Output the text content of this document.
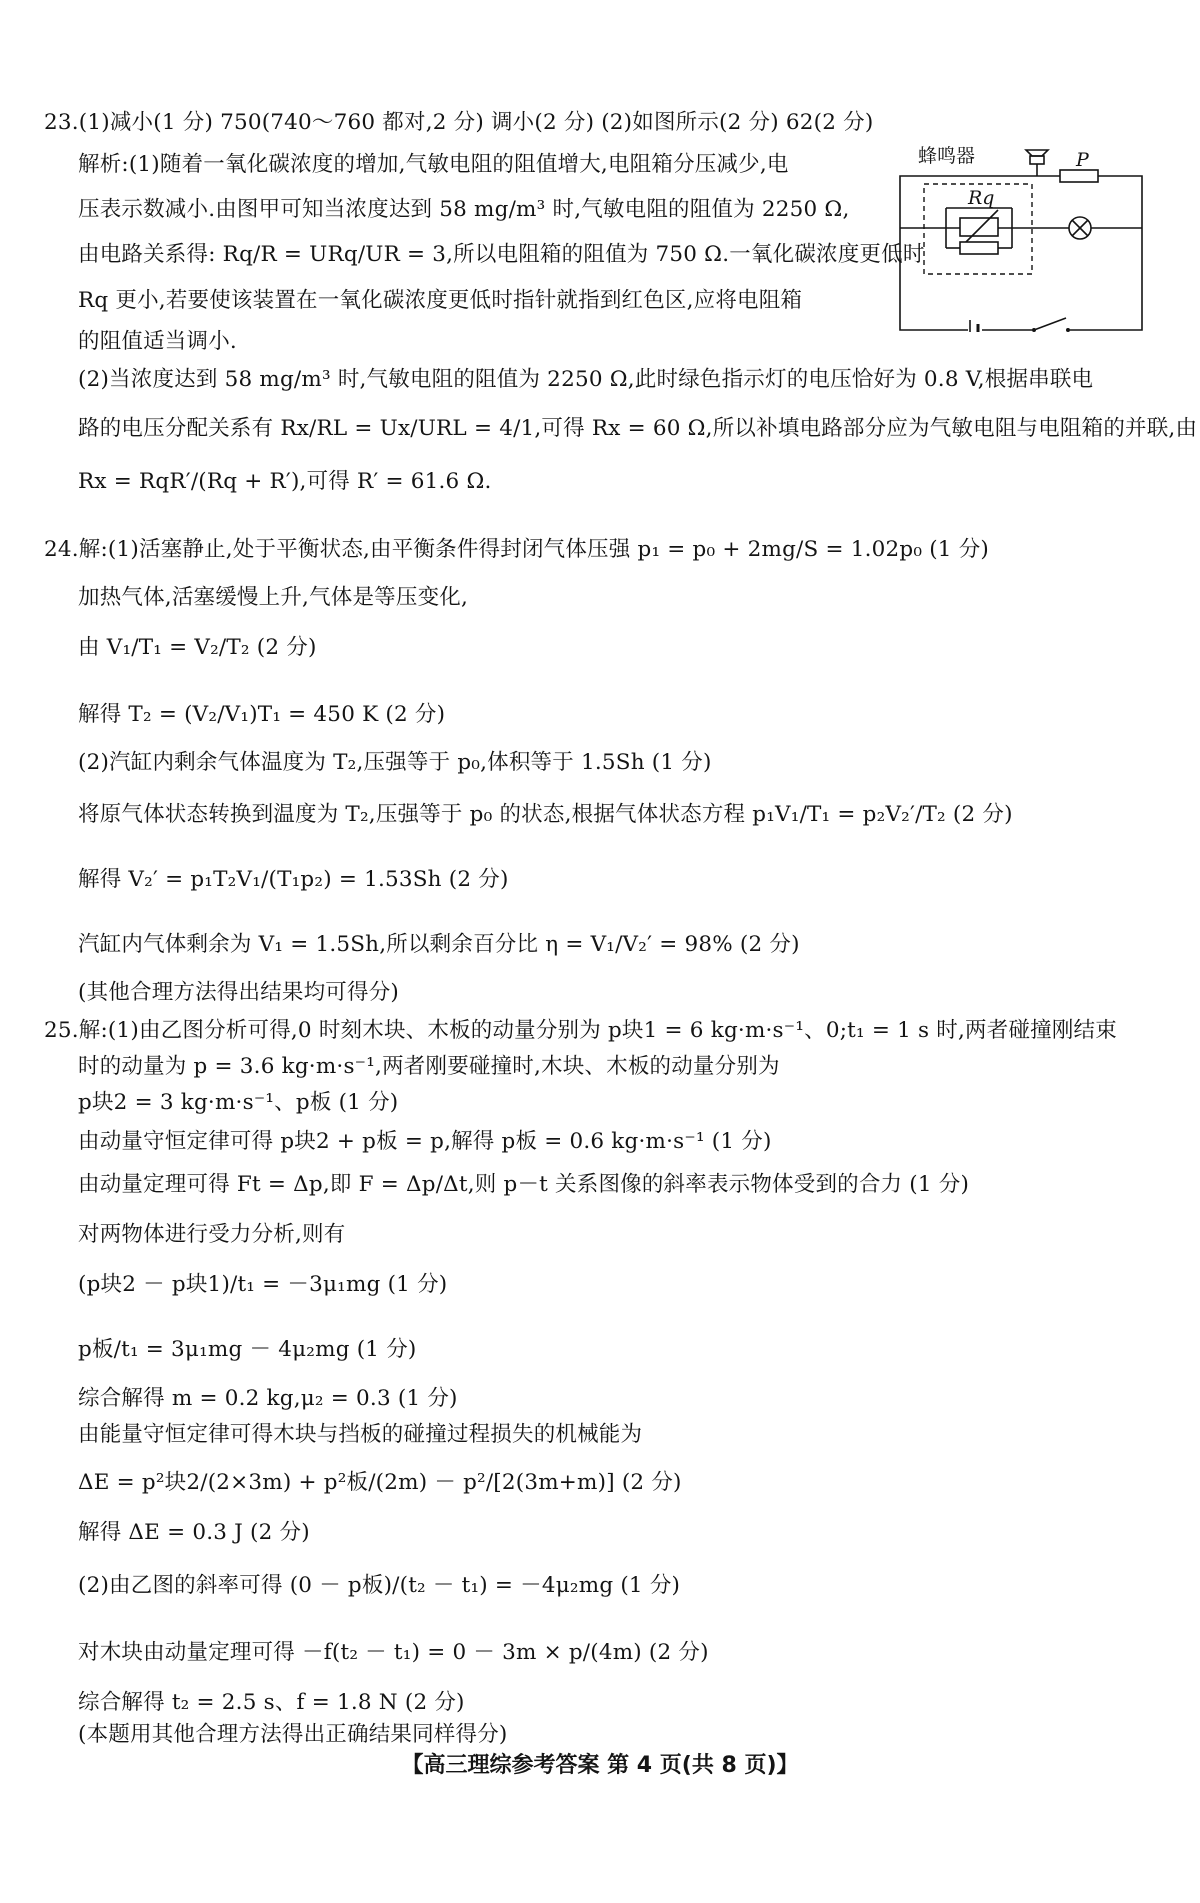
23.(1)减小(1 分) 750(740～760 都对,2 分) 调小(2 分) (2)如图所示(2 分) 62(2 分)
解析:(1)随着一氧化碳浓度的增加,气敏电阻的阻值增大,电阻箱分压减少,电
压表示数减小.由图甲可知当浓度达到 58 mg/m³ 时,气敏电阻的阻值为 2250 Ω,
由电路关系得: Rq/R = URq/UR = 3,所以电阻箱的阻值为 750 Ω.一氧化碳浓度更低时
Rq 更小,若要使该装置在一氧化碳浓度更低时指针就指到红色区,应将电阻箱
的阻值适当调小.
(2)当浓度达到 58 mg/m³ 时,气敏电阻的阻值为 2250 Ω,此时绿色指示灯的电压恰好为 0.8 V,根据串联电
路的电压分配关系有 Rx/RL = Ux/URL = 4/1,可得 Rx = 60 Ω,所以补填电路部分应为气敏电阻与电阻箱的并联,由
Rx = RqR′/(Rq + R′),可得 R′ = 61.6 Ω.
蜂鸣器	P
Rq
24.解:(1)活塞静止,处于平衡状态,由平衡条件得封闭气体压强 p₁ = p₀ + 2mg/S = 1.02p₀ (1 分)
加热气体,活塞缓慢上升,气体是等压变化,
由 V₁/T₁ = V₂/T₂ (2 分)
解得 T₂ = (V₂/V₁)T₁ = 450 K (2 分)
(2)汽缸内剩余气体温度为 T₂,压强等于 p₀,体积等于 1.5Sh (1 分)
将原气体状态转换到温度为 T₂,压强等于 p₀ 的状态,根据气体状态方程 p₁V₁/T₁ = p₂V₂′/T₂ (2 分)
解得 V₂′ = p₁T₂V₁/(T₁p₂) = 1.53Sh (2 分)
汽缸内气体剩余为 V₁ = 1.5Sh,所以剩余百分比 η = V₁/V₂′ = 98% (2 分)
(其他合理方法得出结果均可得分)
25.解:(1)由乙图分析可得,0 时刻木块、木板的动量分别为 p块1 = 6 kg·m·s⁻¹、0;t₁ = 1 s 时,两者碰撞刚结束
时的动量为 p = 3.6 kg·m·s⁻¹,两者刚要碰撞时,木块、木板的动量分别为
p块2 = 3 kg·m·s⁻¹、p板 (1 分)
由动量守恒定律可得 p块2 + p板 = p,解得 p板 = 0.6 kg·m·s⁻¹ (1 分)
由动量定理可得 Ft = Δp,即 F = Δp/Δt,则 p－t 关系图像的斜率表示物体受到的合力 (1 分)
对两物体进行受力分析,则有
(p块2 － p块1)/t₁ = －3μ₁mg (1 分)
p板/t₁ = 3μ₁mg － 4μ₂mg (1 分)
综合解得 m = 0.2 kg,μ₂ = 0.3 (1 分)
由能量守恒定律可得木块与挡板的碰撞过程损失的机械能为
ΔE = p²块2/(2×3m) + p²板/(2m) － p²/[2(3m+m)] (2 分)
解得 ΔE = 0.3 J (2 分)
(2)由乙图的斜率可得 (0 － p板)/(t₂ － t₁) = －4μ₂mg (1 分)
对木块由动量定理可得 －f(t₂ － t₁) = 0 － 3m × p/(4m) (2 分)
综合解得 t₂ = 2.5 s、f = 1.8 N (2 分)
(本题用其他合理方法得出正确结果同样得分)
【高三理综参考答案 第 4 页(共 8 页)】
